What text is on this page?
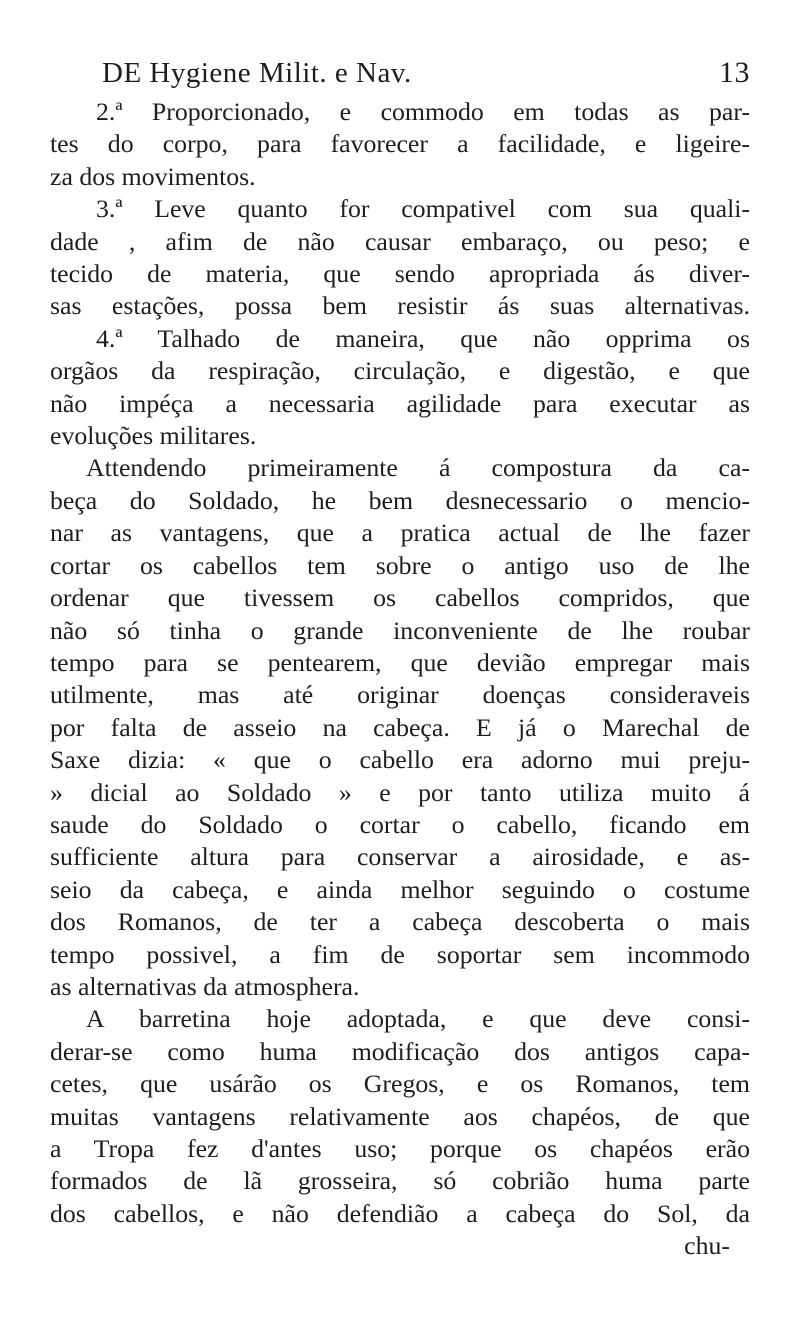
DE Hygiene Milit. e Nav.	13
2.ª Proporcionado, e commodo em todas as par-
tes do corpo, para favorecer a facilidade, e ligeire-
za dos movimentos.
3.ª Leve quanto for compativel com sua quali-
dade , afim de não causar embaraço, ou peso; e
tecido de materia, que sendo apropriada ás diver-
sas estações, possa bem resistir ás suas alternativas.
4.ª Talhado de maneira, que não opprima os
orgãos da respiração, circulação, e digestão, e que
não impéça a necessaria agilidade para executar as
evoluções militares.
Attendendo primeiramente á compostura da ca-
beça do Soldado, he bem desnecessario o mencio-
nar as vantagens, que a pratica actual de lhe fazer
cortar os cabellos tem sobre o antigo uso de lhe
ordenar que tivessem os cabellos compridos, que
não só tinha o grande inconveniente de lhe roubar
tempo para se pentearem, que devião empregar mais
utilmente, mas até originar doenças consideraveis
por falta de asseio na cabeça. E já o Marechal de
Saxe dizia: « que o cabello era adorno mui preju-
» dicial ao Soldado » e por tanto utiliza muito á
saude do Soldado o cortar o cabello, ficando em
sufficiente altura para conservar a airosidade, e as-
seio da cabeça, e ainda melhor seguindo o costume
dos Romanos, de ter a cabeça descoberta o mais
tempo possivel, a fim de soportar sem incommodo
as alternativas da atmosphera.
A barretina hoje adoptada, e que deve consi-
derar-se como huma modificação dos antigos capa-
cetes, que usárão os Gregos, e os Romanos, tem
muitas vantagens relativamente aos chapéos, de que
a Tropa fez d'antes uso; porque os chapéos erão
formados de lã grosseira, só cobrião huma parte
dos cabellos, e não defendião a cabeça do Sol, da
chu-
